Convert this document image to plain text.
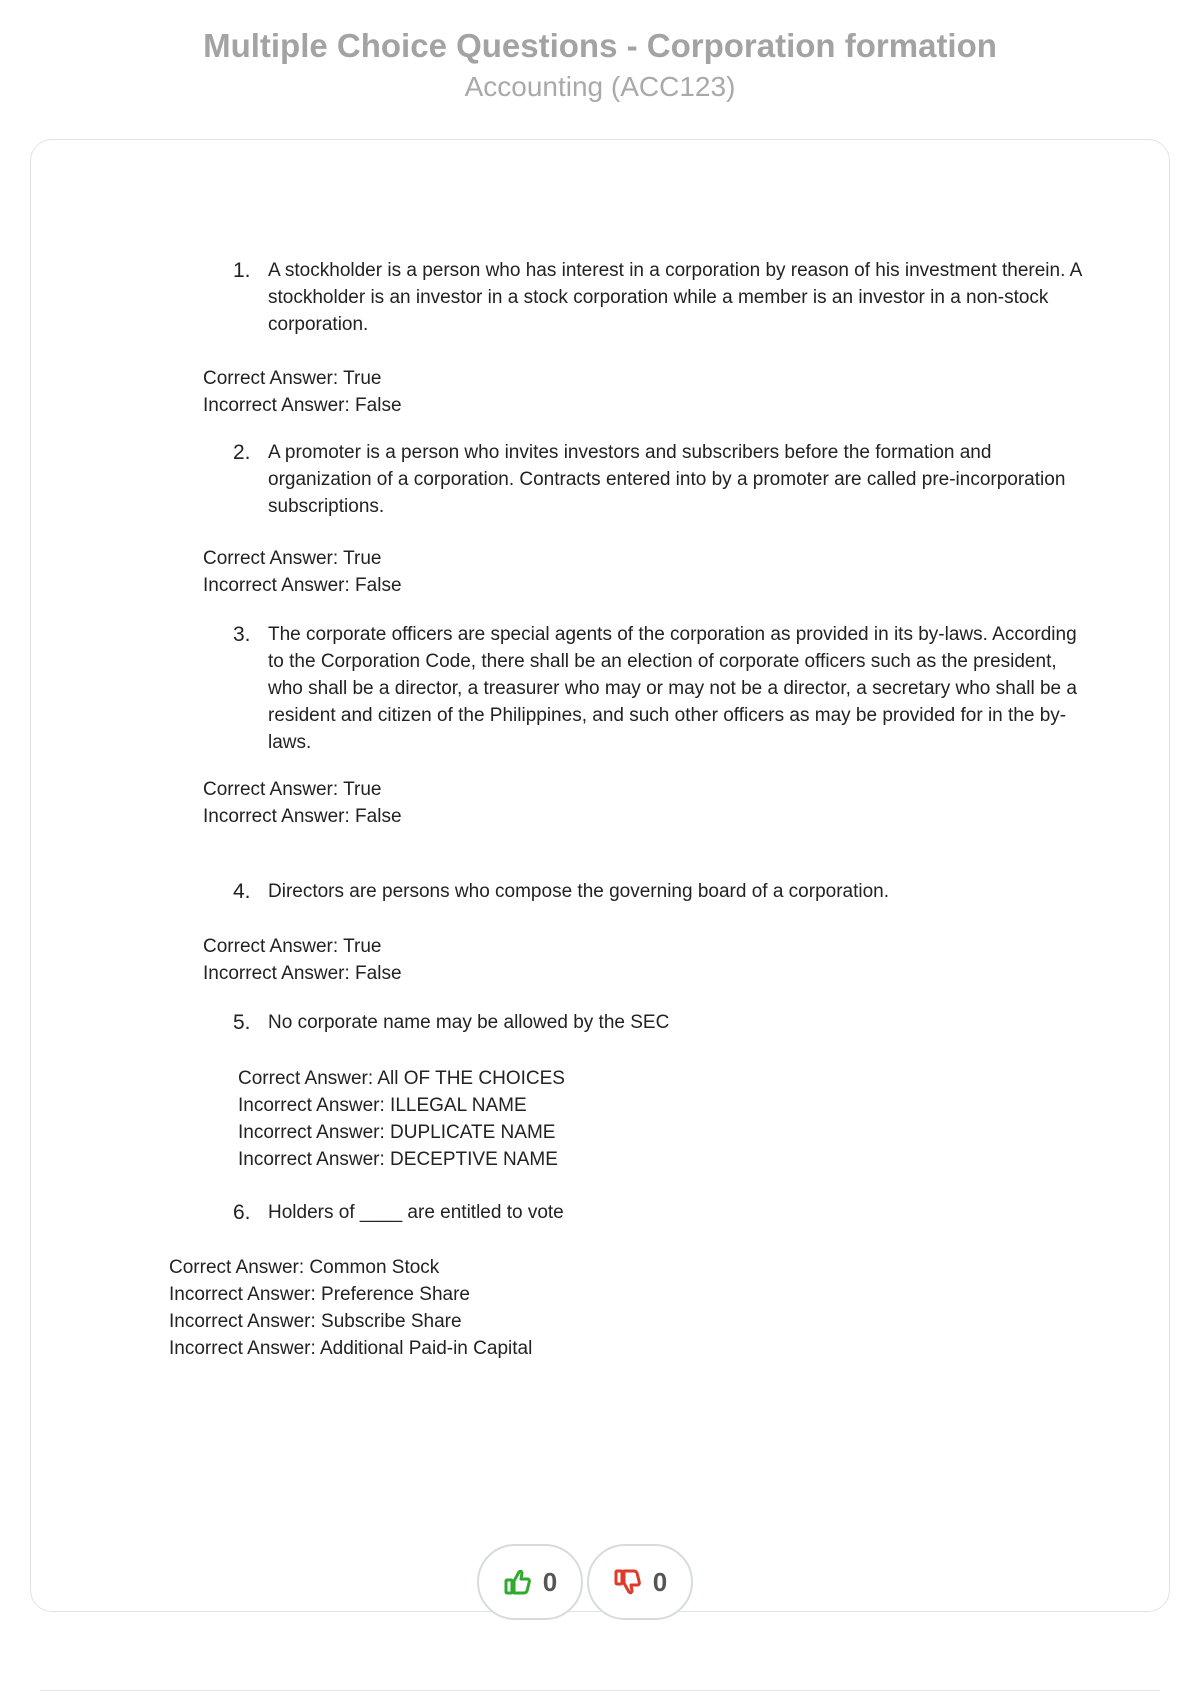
Multiple Choice Questions - Corporation formation
Accounting (ACC123)
1. A stockholder is a person who has interest in a corporation by reason of his investment therein. A stockholder is an investor in a stock corporation while a member is an investor in a non-stock corporation.
Correct Answer: True
Incorrect Answer: False
2. A promoter is a person who invites investors and subscribers before the formation and organization of a corporation. Contracts entered into by a promoter are called pre-incorporation subscriptions.
Correct Answer: True
Incorrect Answer: False
3. The corporate officers are special agents of the corporation as provided in its by-laws. According to the Corporation Code, there shall be an election of corporate officers such as the president, who shall be a director, a treasurer who may or may not be a director, a secretary who shall be a resident and citizen of the Philippines, and such other officers as may be provided for in the by-laws.
Correct Answer: True
Incorrect Answer: False
4. Directors are persons who compose the governing board of a corporation.
Correct Answer: True
Incorrect Answer: False
5. No corporate name may be allowed by the SEC
Correct Answer: All OF THE CHOICES
Incorrect Answer: ILLEGAL NAME
Incorrect Answer: DUPLICATE NAME
Incorrect Answer: DECEPTIVE NAME
6. Holders of ____ are entitled to vote
Correct Answer: Common Stock
Incorrect Answer: Preference Share
Incorrect Answer: Subscribe Share
Incorrect Answer: Additional Paid-in Capital
0	0
